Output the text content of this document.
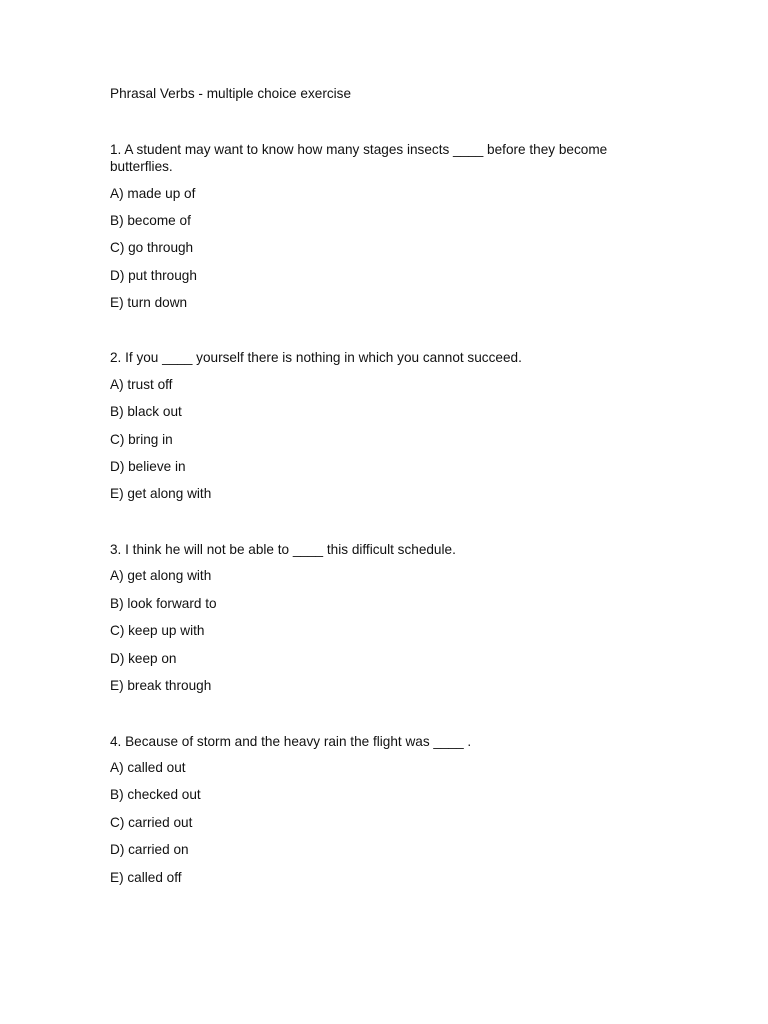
Phrasal Verbs - multiple choice exercise

1. A student may want to know how many stages insects ____ before they become butterflies.

A) made up of
B) become of
C) go through
D) put through
E) turn down

2. If you ____ yourself there is nothing in which you cannot succeed.

A) trust off
B) black out
C) bring in
D) believe in
E) get along with

3. I think he will not be able to ____ this difficult schedule.

A) get along with
B) look forward to
C) keep up with
D) keep on
E) break through

4. Because of storm and the heavy rain the flight was ____ .

A) called out
B) checked out
C) carried out
D) carried on
E) called off
